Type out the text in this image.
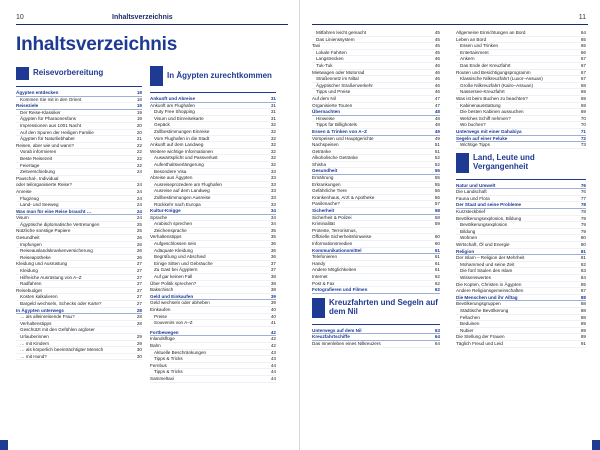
10	Inhaltsverzeichnis
Inhaltsverzeichnis
Reisevorbereitung
Ägypten entdecken	18
Kommen Sie mit in den Orient	18
Reiseziele	19
Der Reise-Klassiker	19
Ägypten für Pharaonenfans	19
Impressionen aus 1001 Nacht	20
Auf den Spuren der Heiligen Familie	20
Ägypten für Naturliebhaber	21
Reisen, aber wie und wann?	22
Vorab informieren	22
Beste Reisezeit	22
Feiertage	22
Zeitverschiebung	24
Pauschal-, Individual
oder teilorganisierte Reise?	24
Anreise	24
Flugzeug	24
Land- und Seeweg	24
Was man für eine Reise braucht …	24
Visum	24
Ägyptische diplomatische Vertretungen	25
Nützliche sonstige Papiere	25
Gesundheit	26
Impfungen	26
Reiseauslandskrankenversicherung	26
Reiseapotheke	26
Kleidung und Ausrüstung	27
Kleidung	27
Hilfreiche Ausrüstung von A–Z	27
Radfahren	27
Reisebudget	27
Kosten kalkulieren	27
Bargeld wechseln, Schecks oder Karte?	27
In Ägypten unterwegs	28
… als alleinreisende Frau?	28
Verhaltenstipps	28
Geschützt mit den Gefühlen argloser
Urlauberinnen	29
… mit Kindern	29
… als körperlich beeinträchtigter Mensch	30
… mit Hund?	30
In Ägypten zurechtkommen
Ankunft und Abreise	31
Ankunft am Flughafen	31
Duty Free Shopping	31
Visum und Einreisekarte	31
Gepäck	32
Zollbestimmungen Einreise	32
Vom Flughafen in die Stadt	32
Ankunft auf dem Landweg	32
Weitere wichtige Informationen	32
Auswärtsplicht und Passverlust	32
Aufenthaltsverlängerung	32
Besondere Visa	33
Abreise aus Ägypten	33
Ausreiseprozedere am Flughafen	33
Ausreise auf dem Landweg	33
Zollbestimmungen Ausreise	33
Rückkehr nach Europa	33
Kultur-Knigge	34
Sprache	34
Arabisch sprechen	34
Zeichensprache	35
Verhaltenstipps	35
Aufgeschlossen sein	36
Adäquate Kleidung	36
Begrüßung und Abschied	36
Einige Sitten und Gebräuche	37
Zu Gast bei Ägyptern	37
Auf gar keinen Fall	38
Über Politik sprechen?	38
Bakschisch	38
Geld und Einkaufen	39
Geld wechseln oder abheben	39
Einkaufen	40
Preise	40
Souvenirs von A–Z	41
Fortbewegen	42
Inlandsflüge	42
Bahn	42
Aktuelle Beschränkungen	43
Tipps & Tricks	43
Fernbus	44
Tipps & Tricks	44
Sammeltaxi	44
11
Mitfahren leicht gemacht	45
Das Linienssystem	45
Taxi	45
Lokale Fahrten	45
Langstrecken	46
Tuk-Tuk	46
Mietwagen oder Motorrad	46
Straßennetz im Niltal	46
Ägyptischer Straßenverkehr	46
Tipps und Preise	46
Auf dem Nil	47
Organisierte Touren	47
Übernachten	48
Hinweise	48
Tipps für Billighotels	48
Essen & Trinken von A–Z	49
Vorspeisen und Hauptgerichte	49
Nachspeisen	51
Getränke	51
Alkoholische Getränke	52
Shisha	52
Gesundheit	55
Ernährung	55
Erkrankungen	55
Gefährliche Tiere	56
Krankenhaus, Arzt & Apotheke	56
Panikmache?	57
Sicherheit	58
Sicherheit & Polizei	58
Kriminalität	59
Proteste, Terrorismus,
Offizielle Sicherheitshinweise	60
Informationsmedien	60
Kommunikationsmittel	61
Telefonieren	61
Handy	61
Andere Möglichkeiten	61
Internet	62
Post & Fax	62
Fotografieren und Filmen	62
Kreuzfahrten und Segeln auf dem Nil
Unterwegs auf dem Nil	63
Kreuzfahrtschiffe	64
Das Innenleben eines Nilkreuzers	64
Allgemeine Einrichtungen an Bord	64
Leben an Bord	65
Essen und Trinken	65
Entertainment	66
Ankern	67
Das Ende der Kreuzfahrt	67
Routen und Besichtigungsprogramm	67
Klassische Nilkreuzfahrt (Luxor–Assuan)	67
Große Nilkreuzfahrt (Kairo–Assuan)	68
Nassersee-Kreuzfahrt	69
Was ist beim Buchen zu beachten?	69
Kabinenausstattung	69
Die besten Kabinen aussuchen	69
Welches Schiff nehmen?	70
Wo buchen?	70
Unterwegs mit einer Dahabiya	71
Segeln auf einer Feluke	72
Wichtige Tipps	73
Land, Leute und Vergangenheit
Natur und Umwelt	76
Die Landschaft	76
Fauna und Flora	77
Der Staat und seine Probleme	78
Kurzsteckbrief	78
Bevölkerungsexplosion, Bildung	79
Bevölkerungsexplosion	79
Bildung	79
Wohnen	80
Wirtschaft, Öl und Energie	80
Religion	81
Der Islam – Religion der Mehrheit	81
Mohammed und seine Zeit	82
Die fünf Säulen des Islam	83
Wissenswertes	84
Die Kopten, Christen in Ägypten	85
Andere Religionsgemeinschaften	87
Die Menschen und ihr Alltag	88
Bevölkerungsgruppen	88
Städtische Bevölkerung	88
Fellachen	88
Beduinen	89
Nubier	89
Die Stellung der Frauen	89
Täglich Freud und Leid	91
